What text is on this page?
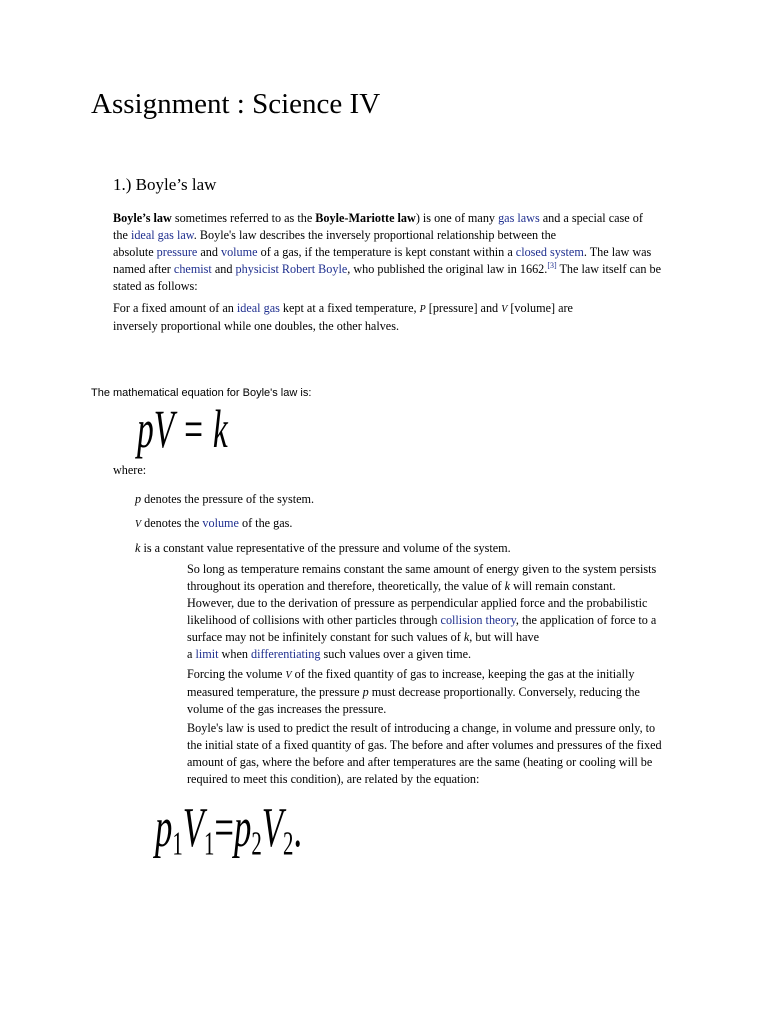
Assignment : Science IV
1.) Boyle’s law
Boyle’s law sometimes referred to as the Boyle-Mariotte law) is one of many gas laws and a special case of
the ideal gas law. Boyle's law describes the inversely proportional relationship between the
absolute pressure and volume of a gas, if the temperature is kept constant within a closed system. The law was
named after chemist and physicist Robert Boyle, who published the original law in 1662.[3] The law itself can be
stated as follows:
For a fixed amount of an ideal gas kept at a fixed temperature, P [pressure] and V [volume] are
inversely proportional while one doubles, the other halves.
The mathematical equation for Boyle's law is:
pV = k
where:
p denotes the pressure of the system.
V denotes the volume of the gas.
k is a constant value representative of the pressure and volume of the system.
So long as temperature remains constant the same amount of energy given to the system persists
throughout its operation and therefore, theoretically, the value of k will remain constant.
However, due to the derivation of pressure as perpendicular applied force and the probabilistic
likelihood of collisions with other particles through collision theory, the application of force to a
surface may not be infinitely constant for such values of k, but will have
a limit when differentiating such values over a given time.
Forcing the volume V of the fixed quantity of gas to increase, keeping the gas at the initially
measured temperature, the pressure p must decrease proportionally. Conversely, reducing the
volume of the gas increases the pressure.
Boyle's law is used to predict the result of introducing a change, in volume and pressure only, to
the initial state of a fixed quantity of gas. The before and after volumes and pressures of the fixed
amount of gas, where the before and after temperatures are the same (heating or cooling will be
required to meet this condition), are related by the equation:
$p_1V_1=p_2V_2$.
